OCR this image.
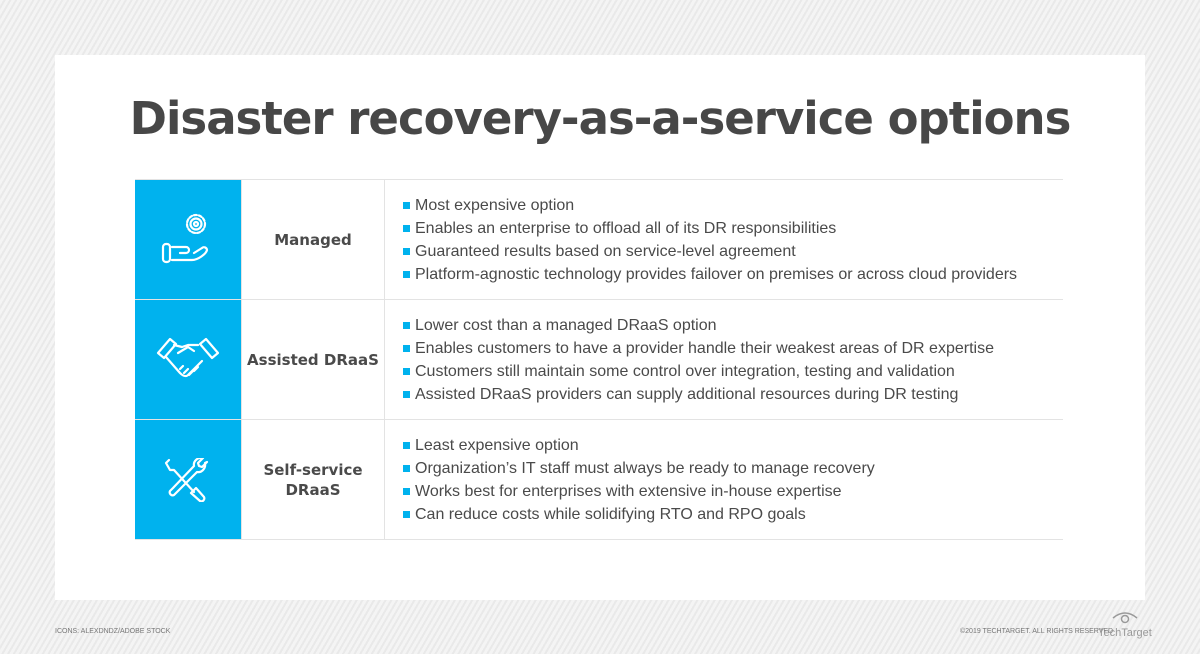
Disaster recovery-as-a-service options
Managed
Most expensive option
Enables an enterprise to offload all of its DR responsibilities
Guaranteed results based on service-level agreement
Platform-agnostic technology provides failover on premises or across cloud providers
Assisted DRaaS
Lower cost than a managed DRaaS option
Enables customers to have a provider handle their weakest areas of DR expertise
Customers still maintain some control over integration, testing and validation
Assisted DRaaS providers can supply additional resources during DR testing
Self-service DRaaS
Least expensive option
Organization’s IT staff must always be ready to manage recovery
Works best for enterprises with extensive in-house expertise
Can reduce costs while solidifying RTO and RPO goals
ICONS: ALEXDNDZ/ADOBE STOCK	©2019 TECHTARGET. ALL RIGHTS RESERVED
TechTarget
